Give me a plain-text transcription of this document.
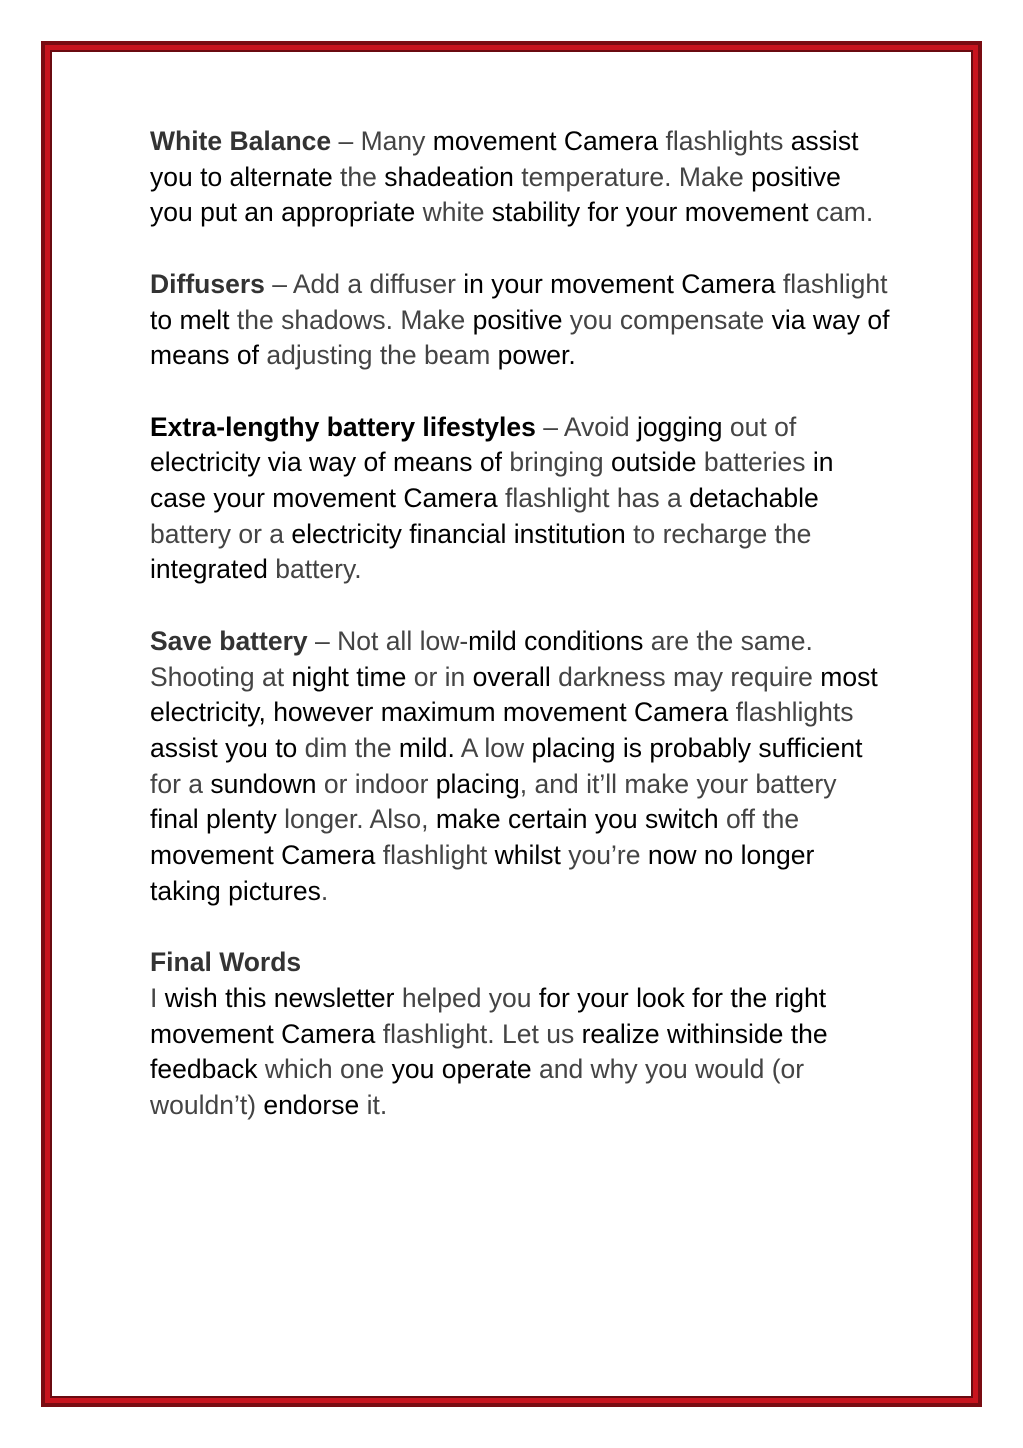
White Balance – Many movement Camera flashlights assist you to alternate the shadeation temperature. Make positive you put an appropriate white stability for your movement cam.

Diffusers – Add a diffuser in your movement Camera flashlight to melt the shadows. Make positive you compensate via way of means of adjusting the beam power.

Extra-lengthy battery lifestyles – Avoid jogging out of electricity via way of means of bringing outside batteries in case your movement Camera flashlight has a detachable battery or a electricity financial institution to recharge the integrated battery.

Save battery – Not all low-mild conditions are the same. Shooting at night time or in overall darkness may require most electricity, however maximum movement Camera flashlights assist you to dim the mild. A low placing is probably sufficient for a sundown or indoor placing, and it’ll make your battery final plenty longer. Also, make certain you switch off the movement Camera flashlight whilst you’re now no longer taking pictures.

Final Words
I wish this newsletter helped you for your look for the right movement Camera flashlight. Let us realize withinside the feedback which one you operate and why you would (or wouldn’t) endorse it.
